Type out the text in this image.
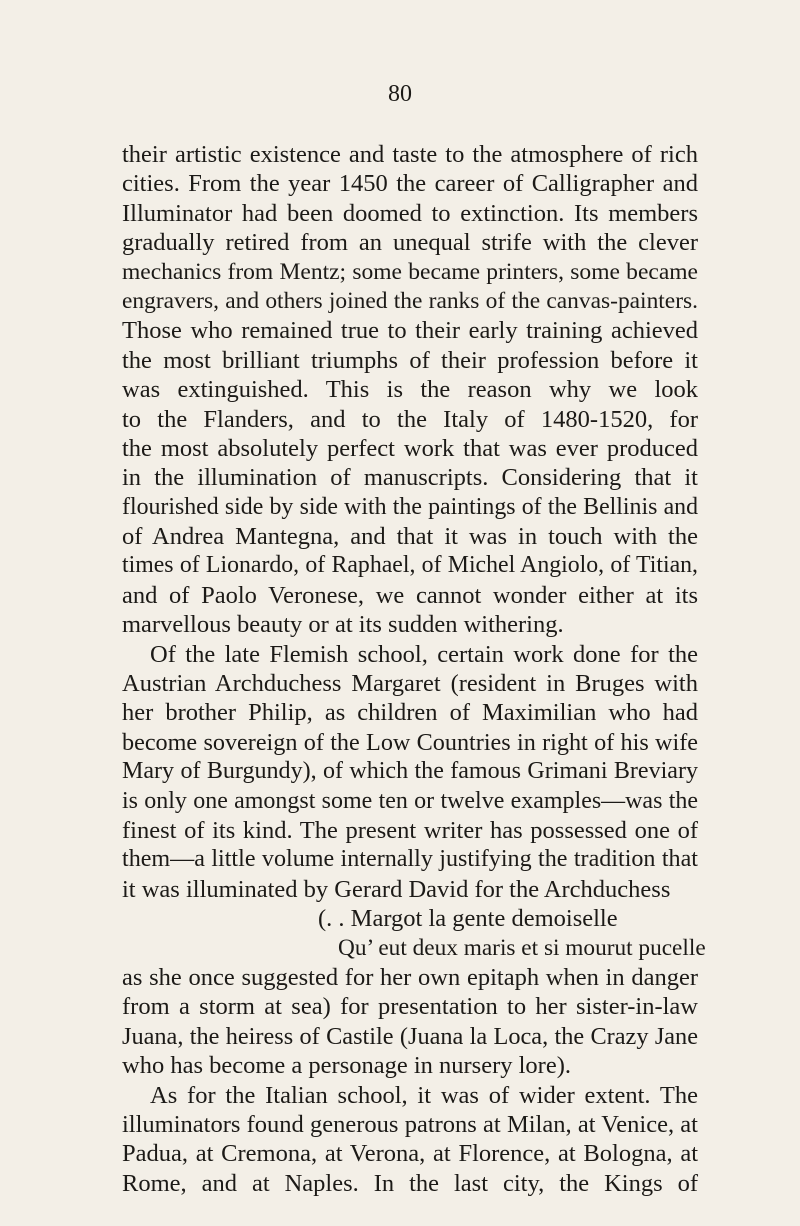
80
their artistic existence and taste to the atmosphere of rich
cities. From the year 1450 the career of Calligrapher and
Illuminator had been doomed to extinction. Its members
gradually retired from an unequal strife with the clever
mechanics from Mentz; some became printers, some became
engravers, and others joined the ranks of the canvas-painters.
Those who remained true to their early training achieved
the most brilliant triumphs of their profession before it
was extinguished. This is the reason why we look
to the Flanders, and to the Italy of 1480-1520, for
the most absolutely perfect work that was ever produced
in the illumination of manuscripts. Considering that it
flourished side by side with the paintings of the Bellinis and
of Andrea Mantegna, and that it was in touch with the
times of Lionardo, of Raphael, of Michel Angiolo, of Titian,
and of Paolo Veronese, we cannot wonder either at its
marvellous beauty or at its sudden withering.
Of the late Flemish school, certain work done for the
Austrian Archduchess Margaret (resident in Bruges with
her brother Philip, as children of Maximilian who had
become sovereign of the Low Countries in right of his wife
Mary of Burgundy), of which the famous Grimani Breviary
is only one amongst some ten or twelve examples—was the
finest of its kind. The present writer has possessed one of
them—a little volume internally justifying the tradition that
it was illuminated by Gerard David for the Archduchess
(. . Margot la gente demoiselle
Qu’ eut deux maris et si mourut pucelle
as she once suggested for her own epitaph when in danger
from a storm at sea) for presentation to her sister-in-law
Juana, the heiress of Castile (Juana la Loca, the Crazy Jane
who has become a personage in nursery lore).
As for the Italian school, it was of wider extent. The
illuminators found generous patrons at Milan, at Venice, at
Padua, at Cremona, at Verona, at Florence, at Bologna, at
Rome, and at Naples. In the last city, the Kings of
